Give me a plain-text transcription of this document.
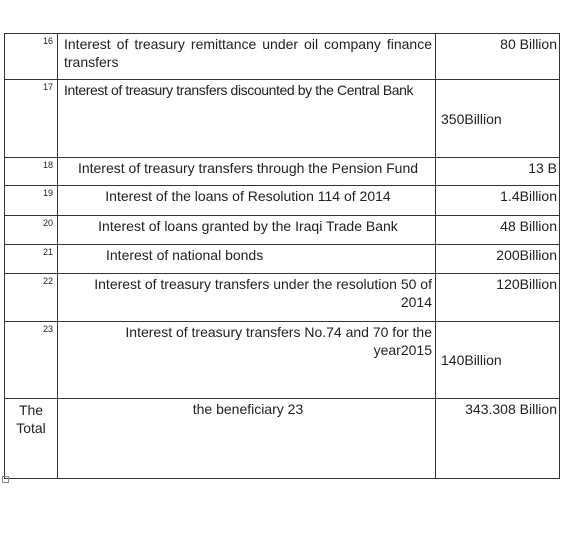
16	Interest of treasury remittance under oil company finance transfers	80 Billion
17	Interest of treasury transfers discounted by the Central Bank	350Billion
18	Interest of treasury transfers through the Pension Fund	13 B
19	Interest of the loans of Resolution 114 of 2014	1.4Billion
20	Interest of loans granted by the Iraqi Trade Bank	48 Billion
21	Interest of national bonds	200Billion
22	Interest of treasury transfers under the resolution 50 of 2014	120Billion
23	Interest of treasury transfers No.74 and 70 for the year2015	140Billion
The Total	the beneficiary 23	343.308 Billion
